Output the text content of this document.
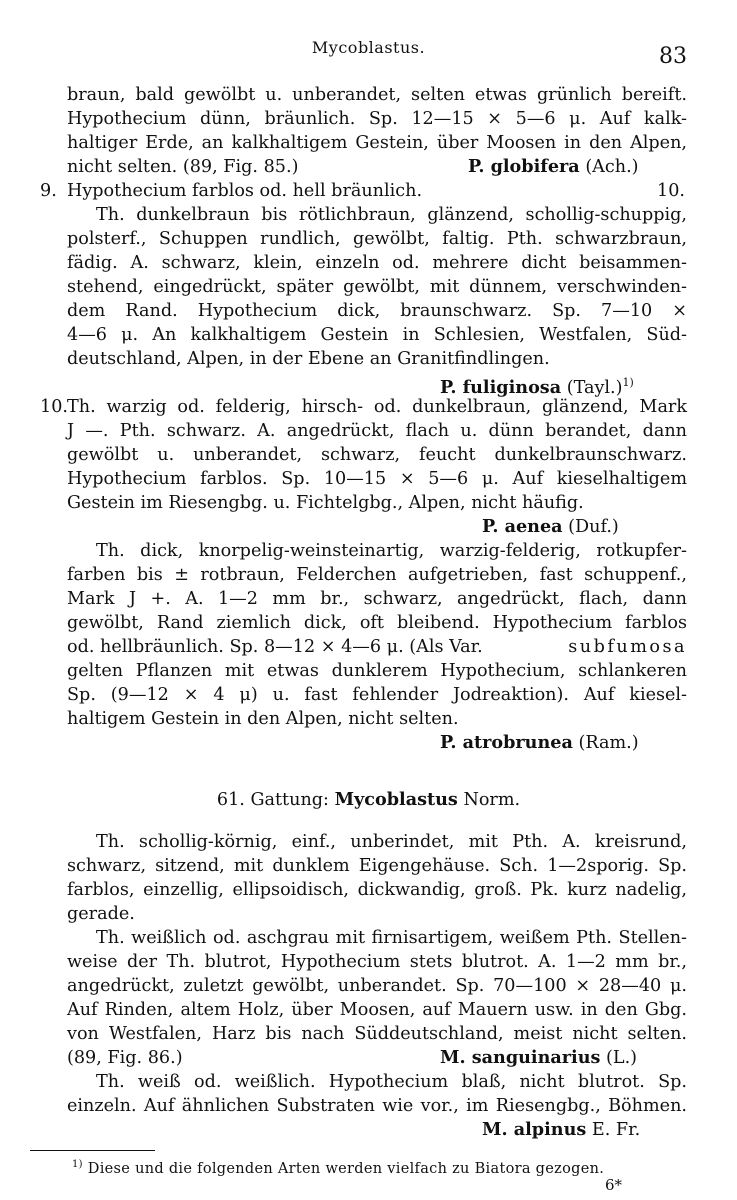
Mycoblastus.	83
braun, bald gewölbt u. unberandet, selten etwas grünlich bereift.
Hypothecium dünn, bräunlich. Sp. 12—15 × 5—6 μ. Auf kalk-
haltiger Erde, an kalkhaltigem Gestein, über Moosen in den Alpen,
nicht selten. (89, Fig. 85.)	P. globifera (Ach.)
9. Hypothecium farblos od. hell bräunlich.	10.
Th. dunkelbraun bis rötlichbraun, glänzend, schollig-schuppig,
polsterf., Schuppen rundlich, gewölbt, faltig. Pth. schwarzbraun,
fädig. A. schwarz, klein, einzeln od. mehrere dicht beisammen-
stehend, eingedrückt, später gewölbt, mit dünnem, verschwinden-
dem Rand. Hypothecium dick, braunschwarz. Sp. 7—10 ×
4—6 μ. An kalkhaltigem Gestein in Schlesien, Westfalen, Süd-
deutschland, Alpen, in der Ebene an Granitfindlingen.
P. fuliginosa (Tayl.)$^{1)}$
10. Th. warzig od. felderig, hirsch- od. dunkelbraun, glänzend, Mark
J —. Pth. schwarz. A. angedrückt, flach u. dünn berandet, dann
gewölbt u. unberandet, schwarz, feucht dunkelbraunschwarz.
Hypothecium farblos. Sp. 10—15 × 5—6 μ. Auf kieselhaltigem
Gestein im Riesengbg. u. Fichtelgbg., Alpen, nicht häufig.
P. aenea (Duf.)
Th. dick, knorpelig-weinsteinartig, warzig-felderig, rotkupfer-
farben bis ± rotbraun, Felderchen aufgetrieben, fast schuppenf.,
Mark J +. A. 1—2 mm br., schwarz, angedrückt, flach, dann
gewölbt, Rand ziemlich dick, oft bleibend. Hypothecium farblos
od. hellbräunlich. Sp. 8—12 × 4—6 μ. (Als Var.	subfumosa
gelten Pflanzen mit etwas dunklerem Hypothecium, schlankeren
Sp. (9—12 × 4 μ) u. fast fehlender Jodreaktion). Auf kiesel-
haltigem Gestein in den Alpen, nicht selten.
P. atrobrunea (Ram.)
61. Gattung: Mycoblastus Norm.
Th. schollig-körnig, einf., unberindet, mit Pth. A. kreisrund,
schwarz, sitzend, mit dunklem Eigengehäuse. Sch. 1—2sporig. Sp.
farblos, einzellig, ellipsoidisch, dickwandig, groß. Pk. kurz nadelig,
gerade.
Th. weißlich od. aschgrau mit firnisartigem, weißem Pth. Stellen-
weise der Th. blutrot, Hypothecium stets blutrot. A. 1—2 mm br.,
angedrückt, zuletzt gewölbt, unberandet. Sp. 70—100 × 28—40 μ.
Auf Rinden, altem Holz, über Moosen, auf Mauern usw. in den Gbg.
von Westfalen, Harz bis nach Süddeutschland, meist nicht selten.
(89, Fig. 86.)	M. sanguinarius (L.)
Th. weiß od. weißlich. Hypothecium blaß, nicht blutrot. Sp.
einzeln. Auf ähnlichen Substraten wie vor., im Riesengbg., Böhmen.
M. alpinus E. Fr.
$^{1)}$ Diese und die folgenden Arten werden vielfach zu Biatora gezogen.
6*
